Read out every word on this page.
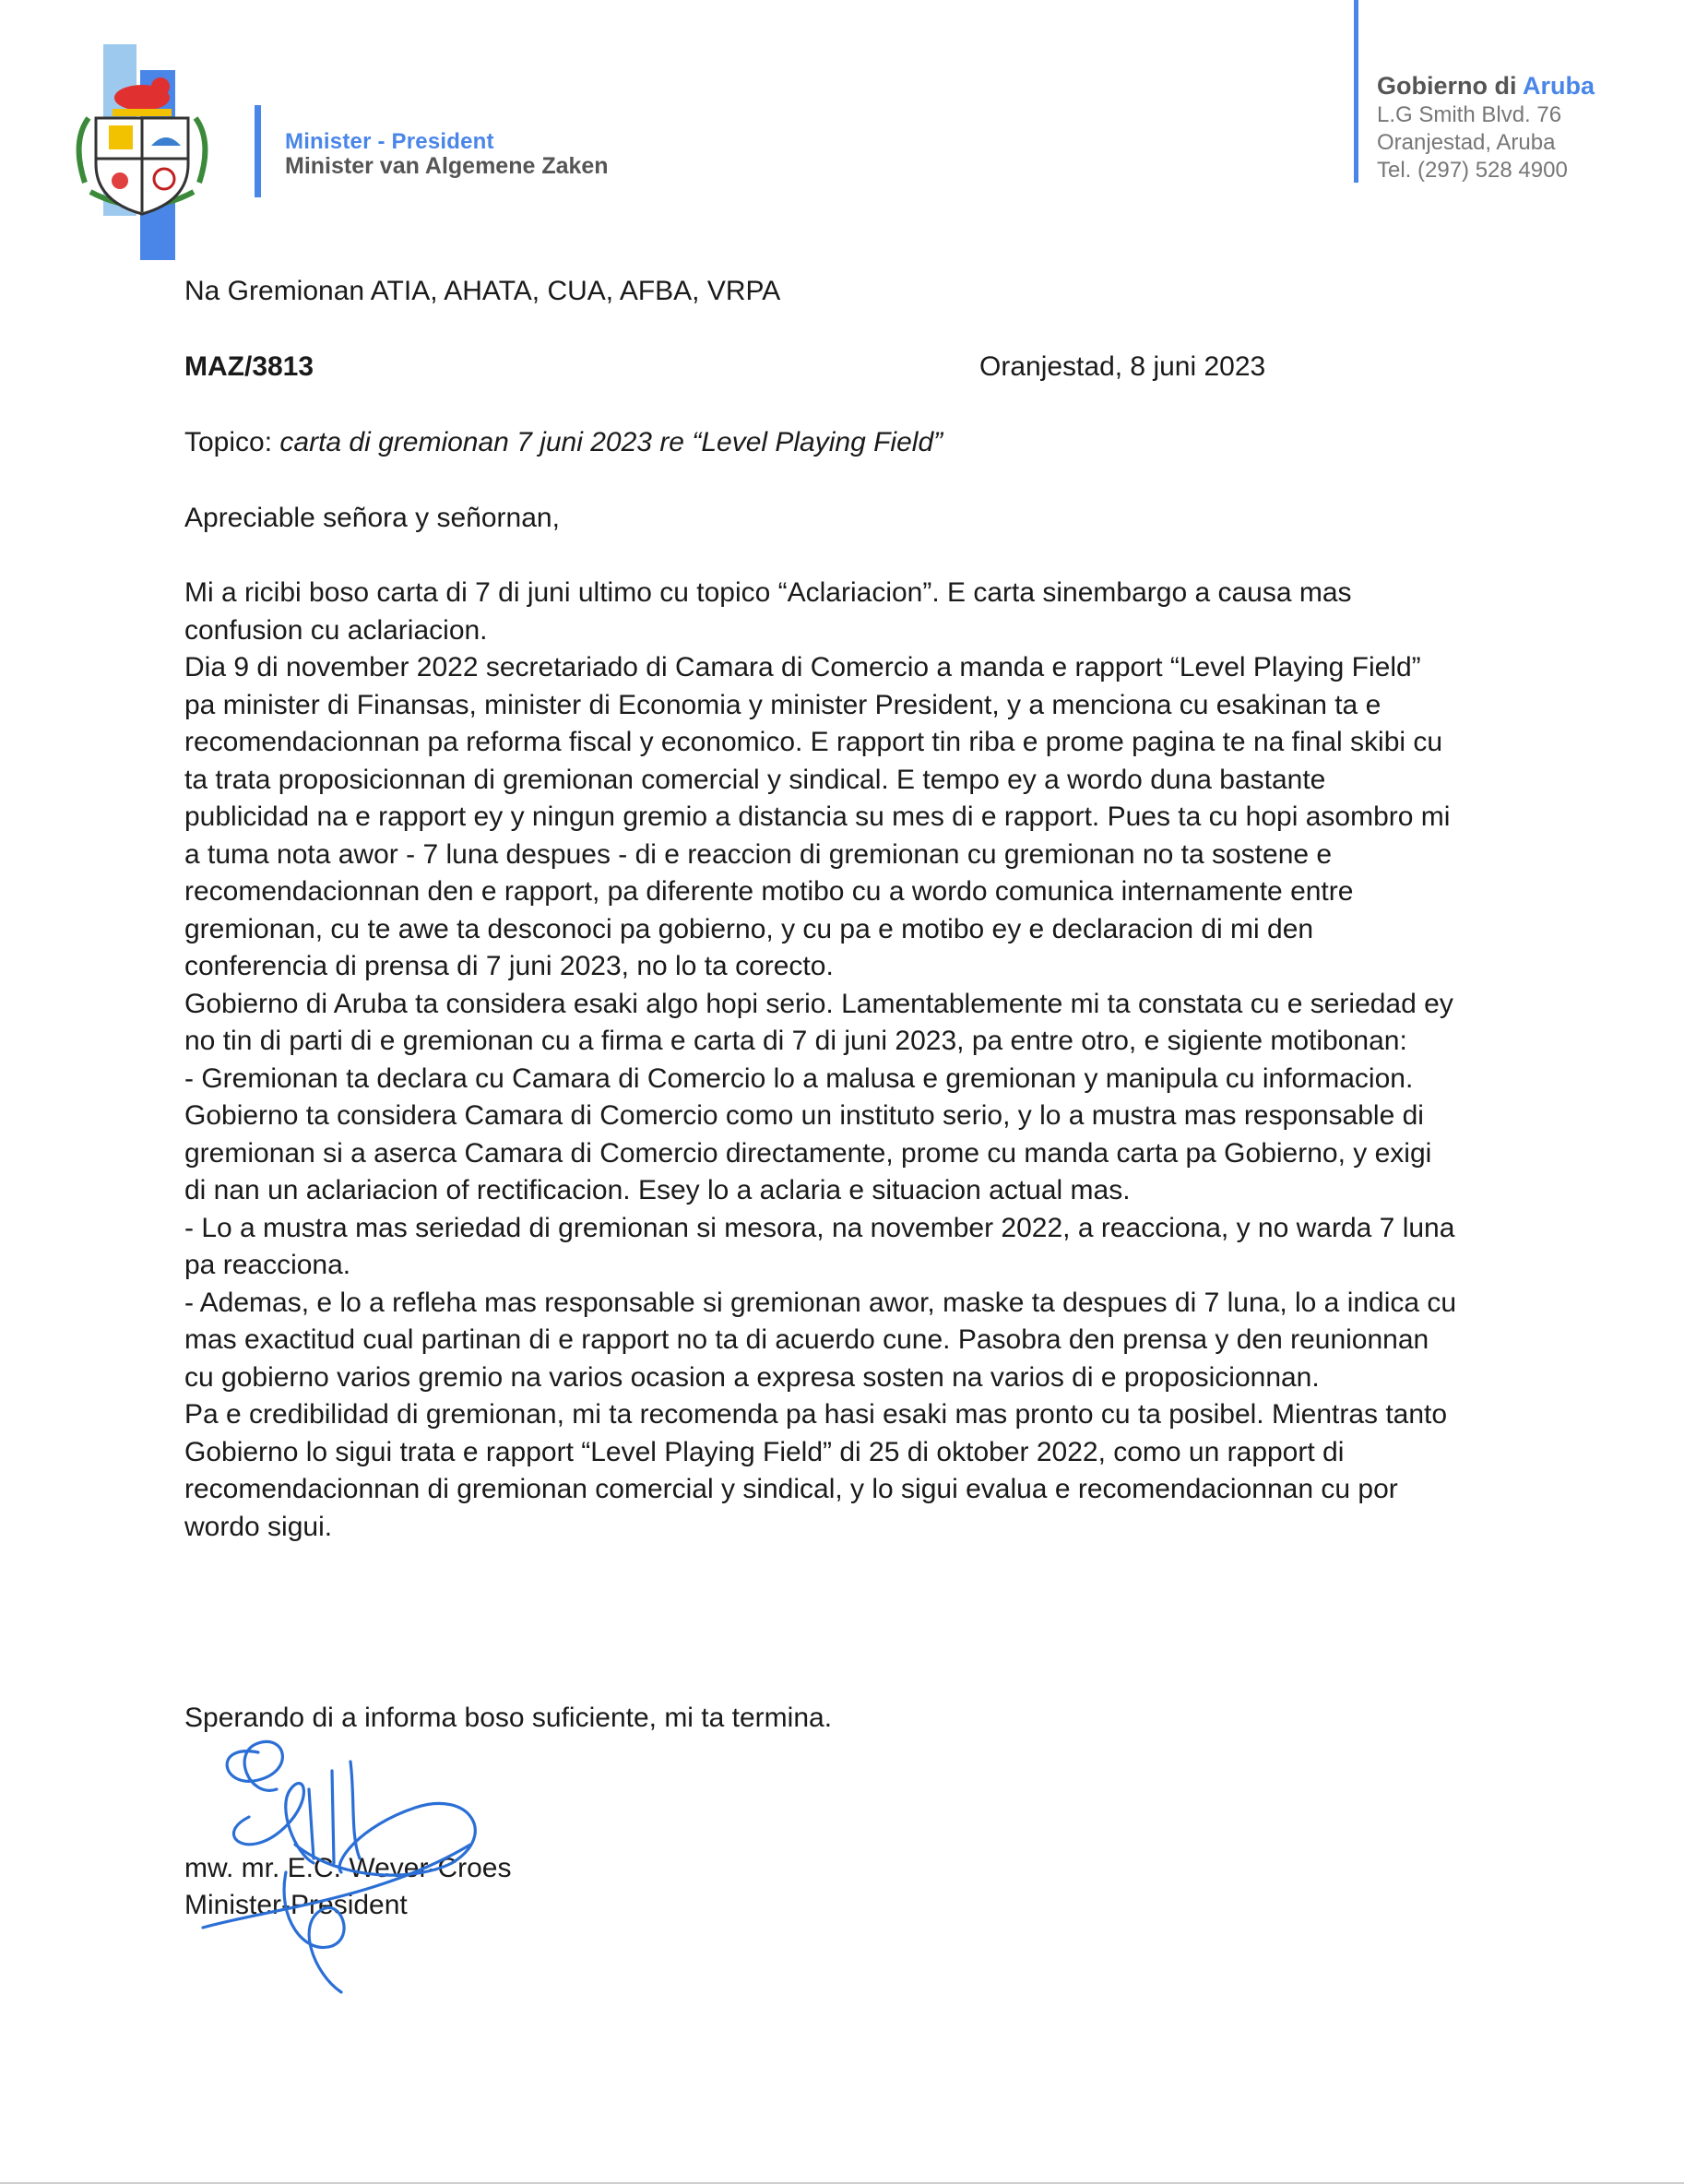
Minister - President
Minister van Algemene Zaken
Gobierno di Aruba
L.G Smith Blvd. 76
Oranjestad, Aruba
Tel. (297) 528 4900
Na Gremionan ATIA, AHATA, CUA, AFBA, VRPA
MAZ/3813	Oranjestad, 8 juni 2023
Topico: carta di gremionan 7 juni 2023 re “Level Playing Field”
Apreciable señora y señornan,

Mi a ricibi boso carta di 7 di juni ultimo cu topico “Aclariacion”. E carta sinembargo a causa mas confusion cu aclariacion.

Dia 9 di november 2022 secretariado di Camara di Comercio a manda e rapport “Level Playing Field” pa minister di Finansas, minister di Economia y minister President, y a menciona cu esakinan ta e recomendacionnan pa reforma fiscal y economico. E rapport tin riba e prome pagina te na final skibi cu ta trata proposicionnan di gremionan comercial y sindical. E tempo ey a wordo duna bastante publicidad na e rapport ey y ningun gremio a distancia su mes di e rapport. Pues ta cu hopi asombro mi a tuma nota awor - 7 luna despues - di e reaccion di gremionan cu gremionan no ta sostene e recomendacionnan den e rapport, pa diferente motibo cu a wordo comunica internamente entre gremionan, cu te awe ta desconoci pa gobierno, y cu pa e motibo ey e declaracion di mi den conferencia di prensa di 7 juni 2023, no lo ta corecto.

Gobierno di Aruba ta considera esaki algo hopi serio. Lamentablemente mi ta constata cu e seriedad ey no tin di parti di e gremionan cu a firma e carta di 7 di juni 2023, pa entre otro, e sigiente motibonan:

- Gremionan ta declara cu Camara di Comercio lo a malusa e gremionan y manipula cu informacion. Gobierno ta considera Camara di Comercio como un instituto serio, y lo a mustra mas responsable di gremionan si a aserca Camara di Comercio directamente, prome cu manda carta pa Gobierno, y exigi di nan un aclariacion of rectificacion. Esey lo a aclaria e situacion actual mas.

- Lo a mustra mas seriedad di gremionan si mesora, na november 2022, a reacciona, y no warda 7 luna pa reacciona.

- Ademas, e lo a refleha mas responsable si gremionan awor, maske ta despues di 7 luna, lo a indica cu mas exactitud cual partinan di e rapport no ta di acuerdo cune. Pasobra den prensa y den reunionnan cu gobierno varios gremio na varios ocasion a expresa sosten na varios di e proposicionnan.

Pa e credibilidad di gremionan, mi ta recomenda pa hasi esaki mas pronto cu ta posibel. Mientras tanto Gobierno lo sigui trata e rapport “Level Playing Field” di 25 di oktober 2022, como un rapport di recomendacionnan di gremionan comercial y sindical, y lo sigui evalua e recomendacionnan cu por wordo sigui.

Sperando di a informa boso suficiente, mi ta termina.
mw. mr. E.C. Wever-Croes
Minister-President
